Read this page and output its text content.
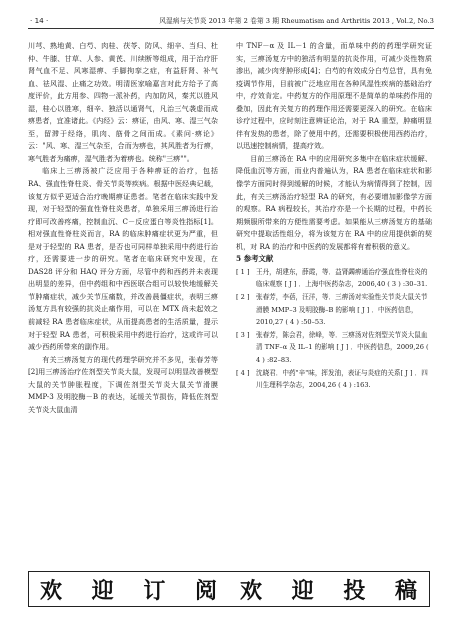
· 14 ·	风湿病与关节炎 2013 年第 2 卷第 3 期 Rheumatism and Arthritis 2013 , Vol.2, No.3

川芎、熟地黄、白芍、肉桂、茯苓、防风、细辛、当归、杜仲、牛膝、甘草、人参、黄芪、川续断等组成，用于治疗肝肾气血不足、风寒湿痹、手脚拘挛之症，有益肝肾、补气血、祛风湿、止痛之功效。明清医家喻嘉言对此方给予了高度评价，此方用参、四物一派补药，内加防风，秦艽以胜风湿，桂心以胜寒，细辛、独活以通肾气，凡治三气袭虚而成痹患者，宜准诸此。《内经》云：痹证，由风、寒、湿三气杂至，留滞于经络，肌肉、筋骨之间而成。《素问·痹论》云："风、寒、湿三气杂至，合而为痹也，其风胜者为行痹，寒气胜者为痛痹，湿气胜者为着痹也。统称"三痹""。

临床上三痹汤被广泛应用于各种痹证的治疗，包括 RA、强直性脊柱炎、骨关节炎等疾病。根据中医经典记载，该复方似乎更适合治疗晚期痹证患者。笔者在临床实践中发现，对于轻型的强直性脊柱炎患者，单独采用三痹汤进行治疗即可改善疼痛，控制血沉、C－反应蛋白等炎性指标[1]。相对强直性脊柱炎而言，RA 的临床肿痛症状更为严重，但是对于轻型的 RA 患者，是否也可同样单独采用中药进行治疗，还需要进一步的研究。笔者在临床研究中发现，在 DAS28 评分和 HAQ 评分方面，尽管中药和西药并未表现出明显的差异，但中药组和中西医联合组可以较快地缓解关节肿痛症状，减少关节压痛数，并改善晨僵症状，表明三痹汤复方具有较强的抗炎止痛作用，可以在 MTX 尚未起效之前减轻 RA 患者临床症状，从而提高患者的生活质量，提示对于轻型 RA 患者，可积极采用中药进行治疗，这或许可以减少西药所带来的副作用。

有关三痹汤复方的现代药理学研究并不多见，张春芳等[2]用三痹汤治疗佐剂型关节炎大鼠，发现可以明显改善模型大鼠的关节肿胀程度，下调佐剂型关节炎大鼠关节滑膜 MMP-3 及明胶酶－B 的表达，延缓关节损伤，降低佐剂型关节炎大鼠血清

中 TNF－α 及 IL－1 的含量，而单味中药的药理学研究证实，三痹汤复方中的独活有明显的抗炎作用，可减少炎性物质渗出，减少肉芽肿形成[4]；白芍的有效成分白芍总苷，具有免疫调节作用，目前被广泛地应用在各种风湿性疾病的基础治疗中，疗效肯定。中药复方的作用原理不是简单的单味药作用的叠加，因此有关复方的药理作用还需要更深入的研究。在临床诊疗过程中，应时刻注意辨证论治，对于 RA 重型，肿痛明显伴有发热的患者，除了使用中药，还需要积极使用西药治疗，以迅速控制病情，提高疗效。

目前三痹汤在 RA 中的应用研究多集中在临床症状缓解、降低血沉等方面，而业内普遍认为，RA 患者在临床症状和影像学方面同时得到缓解的时候，才能认为病情得到了控制，因此，有关三痹汤治疗轻型 RA 的研究，有必要增加影像学方面的观察。RA 病程较长，其治疗亦是一个长期的过程，中药长期频服所带来的方便性需要考虑。如果能从三痹汤复方的基础研究中提取活性组分，将为该复方在 RA 中的应用提供新的契机，对 RA 的治疗和中医药的发展都将有着积极的意义。

5 参考文献
[ 1 ] 王丹，胡建东，薛霞，等．益肾蠲痹通治疗强直性脊柱炎的临床观察 [ J ] ．上海中医药杂志，2006,40 ( 3 ) :30–31.
[ 2 ] 张春芳，李蓓，汪洋，等．三痹汤对实验性关节炎大鼠关节滑膜 MMP–3 及明胶酶–B 的影响 [ J ] ．中医药信息，2010,27 ( 4 ) :50–53.
[ 3 ] 张春芳，陈会君，徐峰，等．三痹汤对佐剂型关节炎大鼠血清 TNF–α 及 IL–1 的影响 [ J ] ．中医药信息，2009,26 ( 4 ) :82–83.
[ 4 ] 沈晓君．中药"辛"味，挥发油，表证与炎症的关系[ J ] ．四川生理科学杂志，2004,26 ( 4 ) :163.
欢 迎 订 阅 欢 迎 投 稿
